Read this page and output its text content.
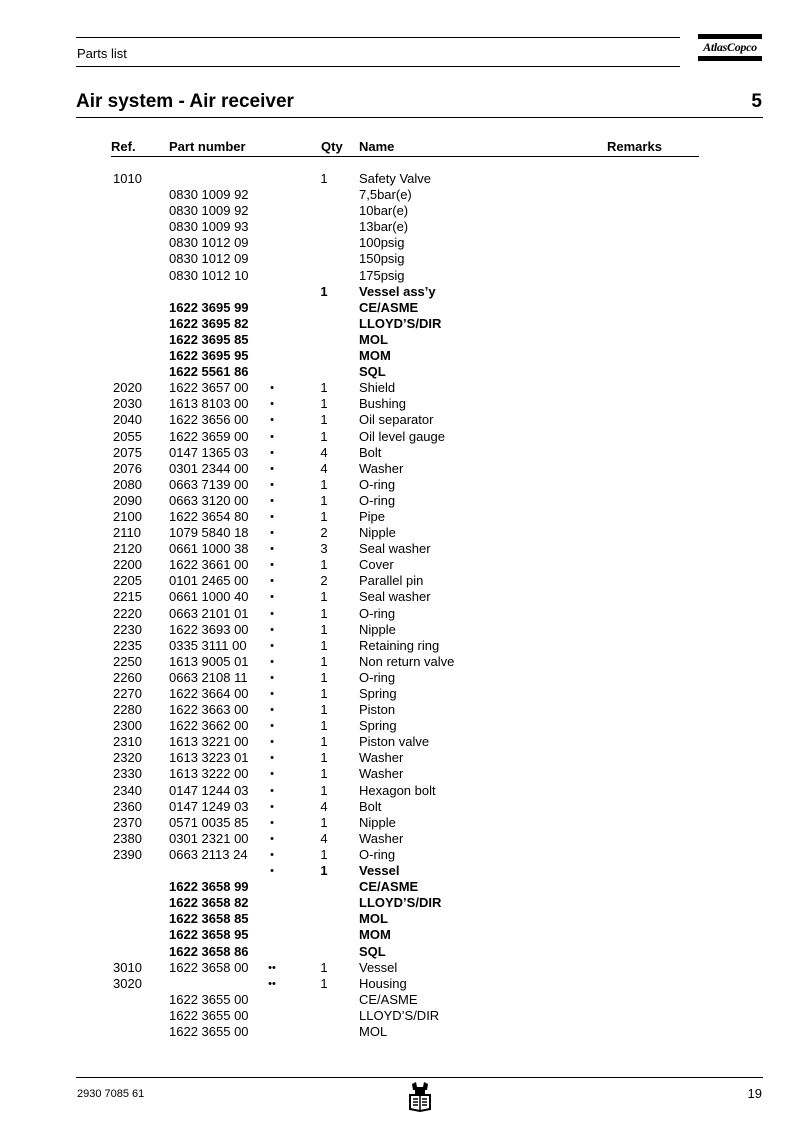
Parts list	AtlasCopco
Air system - Air receiver	5
Ref.	Part number	Qty Name	Remarks
1010	1 Safety Valve
0830 1009 92	7,5bar(e)
0830 1009 92	10bar(e)
0830 1009 93	13bar(e)
0830 1012 09	100psig
0830 1012 09	150psig
0830 1012 10	175psig
1 Vessel ass’y
1622 3695 99	CE/ASME
1622 3695 82	LLOYD’S/DIR
1622 3695 85	MOL
1622 3695 95	MOM
1622 5561 86	SQL
2020 1622 3657 00	•	1 Shield
2030 1613 8103 00	•	1 Bushing
2040 1622 3656 00	•	1 Oil separator
2055 1622 3659 00	•	1 Oil level gauge
2075 0147 1365 03	•	4 Bolt
2076 0301 2344 00	•	4 Washer
2080 0663 7139 00	•	1 O-ring
2090 0663 3120 00	•	1 O-ring
2100 1622 3654 80	•	1 Pipe
2110 1079 5840 18	•	2 Nipple
2120 0661 1000 38	•	3 Seal washer
2200 1622 3661 00	•	1 Cover
2205 0101 2465 00	•	2 Parallel pin
2215 0661 1000 40	•	1 Seal washer
2220 0663 2101 01	•	1 O-ring
2230 1622 3693 00	•	1 Nipple
2235 0335 3111 00	•	1 Retaining ring
2250 1613 9005 01	•	1 Non return valve
2260 0663 2108 11	•	1 O-ring
2270 1622 3664 00	•	1 Spring
2280 1622 3663 00	•	1 Piston
2300 1622 3662 00	•	1 Spring
2310 1613 3221 00	•	1 Piston valve
2320 1613 3223 01	•	1 Washer
2330 1613 3222 00	•	1 Washer
2340 0147 1244 03	•	1 Hexagon bolt
2360 0147 1249 03	•	4 Bolt
2370 0571 0035 85	•	1 Nipple
2380 0301 2321 00	•	4 Washer
2390 0663 2113 24	•	1 O-ring
•	1 Vessel
1622 3658 99	CE/ASME
1622 3658 82	LLOYD’S/DIR
1622 3658 85	MOL
1622 3658 95	MOM
1622 3658 86	SQL
3010 1622 3658 00	••	1 Vessel
3020	••	1 Housing
1622 3655 00	CE/ASME
1622 3655 00	LLOYD’S/DIR
1622 3655 00	MOL
2930 7085 61	19
